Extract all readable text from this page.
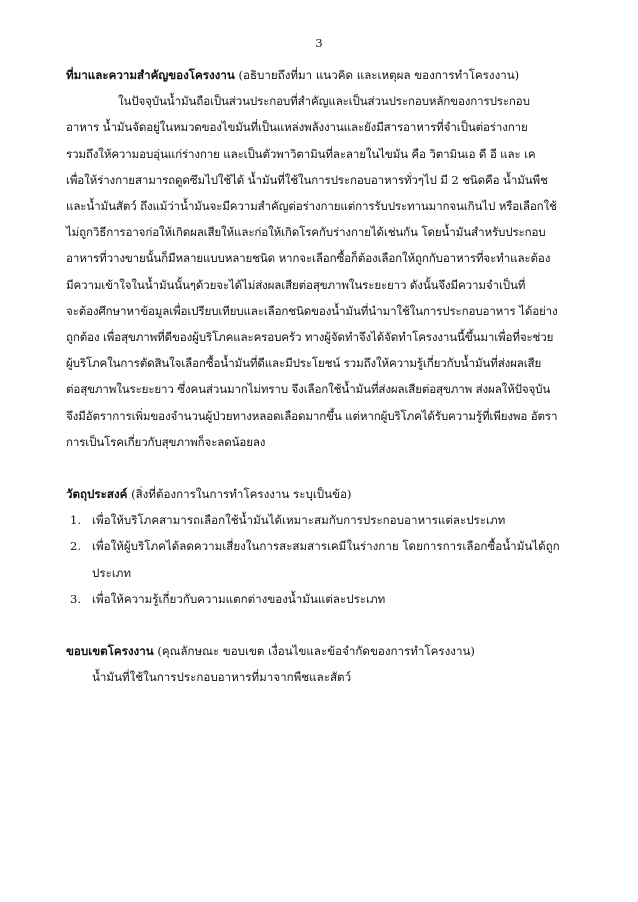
3
ที่มาและความสำคัญของโครงงาน (อธิบายถึงที่มา แนวคิด และเหตุผล ของการทำโครงงาน)
ในปัจจุบันน้ำมันถือเป็นส่วนประกอบที่สำคัญและเป็นส่วนประกอบหลักของการประกอบ
อาหาร น้ำมันจัดอยู่ในหมวดของไขมันที่เป็นแหล่งพลังงานและยังมีสารอาหารที่จำเป็นต่อร่างกาย
รวมถึงให้ความอบอุ่นแก่ร่างกาย และเป็นตัวพาวิตามินที่ละลายในไขมัน คือ วิตามินเอ ดี อี และ เค
เพื่อให้ร่างกายสามารถดูดซึมไปใช้ได้ น้ำมันที่ใช้ในการประกอบอาหารทั่วๆไป มี 2 ชนิดคือ น้ำมันพืช
และน้ำมันสัตว์ ถึงแม้ว่าน้ำมันจะมีความสำคัญต่อร่างกายแต่การรับประทานมากจนเกินไป หรือเลือกใช้
ไม่ถูกวิธีการอาจก่อให้เกิดผลเสียให้และก่อให้เกิดโรคกับร่างกายได้เช่นกัน โดยน้ำมันสำหรับประกอบ
อาหารที่วางขายนั้นก็มีหลายแบบหลายชนิด หากจะเลือกซื้อก็ต้องเลือกให้ถูกกับอาหารที่จะทำและต้อง
มีความเข้าใจในน้ำมันนั้นๆด้วยจะได้ไม่ส่งผลเสียต่อสุขภาพในระยะยาว ดังนั้นจึงมีความจำเป็นที่
จะต้องศึกษาหาข้อมูลเพื่อเปรียบเทียบและเลือกชนิดของน้ำมันที่นำมาใช้ในการประกอบอาหาร ได้อย่าง
ถูกต้อง เพื่อสุขภาพที่ดีของผู้บริโภคและครอบครัว ทางผู้จัดทำจึงได้จัดทำโครงงานนี้ขึ้นมาเพื่อที่จะช่วย
ผู้บริโภคในการตัดสินใจเลือกซื้อน้ำมันที่ดีและมีประโยชน์ รวมถึงให้ความรู้เกี่ยวกับน้ำมันที่ส่งผลเสีย
ต่อสุขภาพในระยะยาว ซึ่งคนส่วนมากไม่ทราบ จึงเลือกใช้น้ำมันที่ส่งผลเสียต่อสุขภาพ ส่งผลให้ปัจจุบัน
จึงมีอัตราการเพิ่มของจำนวนผู้ป่วยทางหลอดเลือดมากขึ้น แต่หากผู้บริโภคได้รับความรู้ที่เพียงพอ อัตรา
การเป็นโรคเกี่ยวกับสุขภาพก็จะลดน้อยลง
วัตถุประสงค์ (สิ่งที่ต้องการในการทำโครงงาน ระบุเป็นข้อ)
1. เพื่อให้บริโภคสามารถเลือกใช้น้ำมันได้เหมาะสมกับการประกอบอาหารแต่ละประเภท
2. เพื่อให้ผู้บริโภคได้ลดความเสี่ยงในการสะสมสารเคมีในร่างกาย โดยการการเลือกซื้อน้ำมันได้ถูก
ประเภท
3. เพื่อให้ความรู้เกี่ยวกับความแตกต่างของน้ำมันแต่ละประเภท
ขอบเขตโครงงาน (คุณลักษณะ ขอบเขต เงื่อนไขและข้อจำกัดของการทำโครงงาน)
น้ำมันที่ใช้ในการประกอบอาหารที่มาจากพืชและสัตว์
